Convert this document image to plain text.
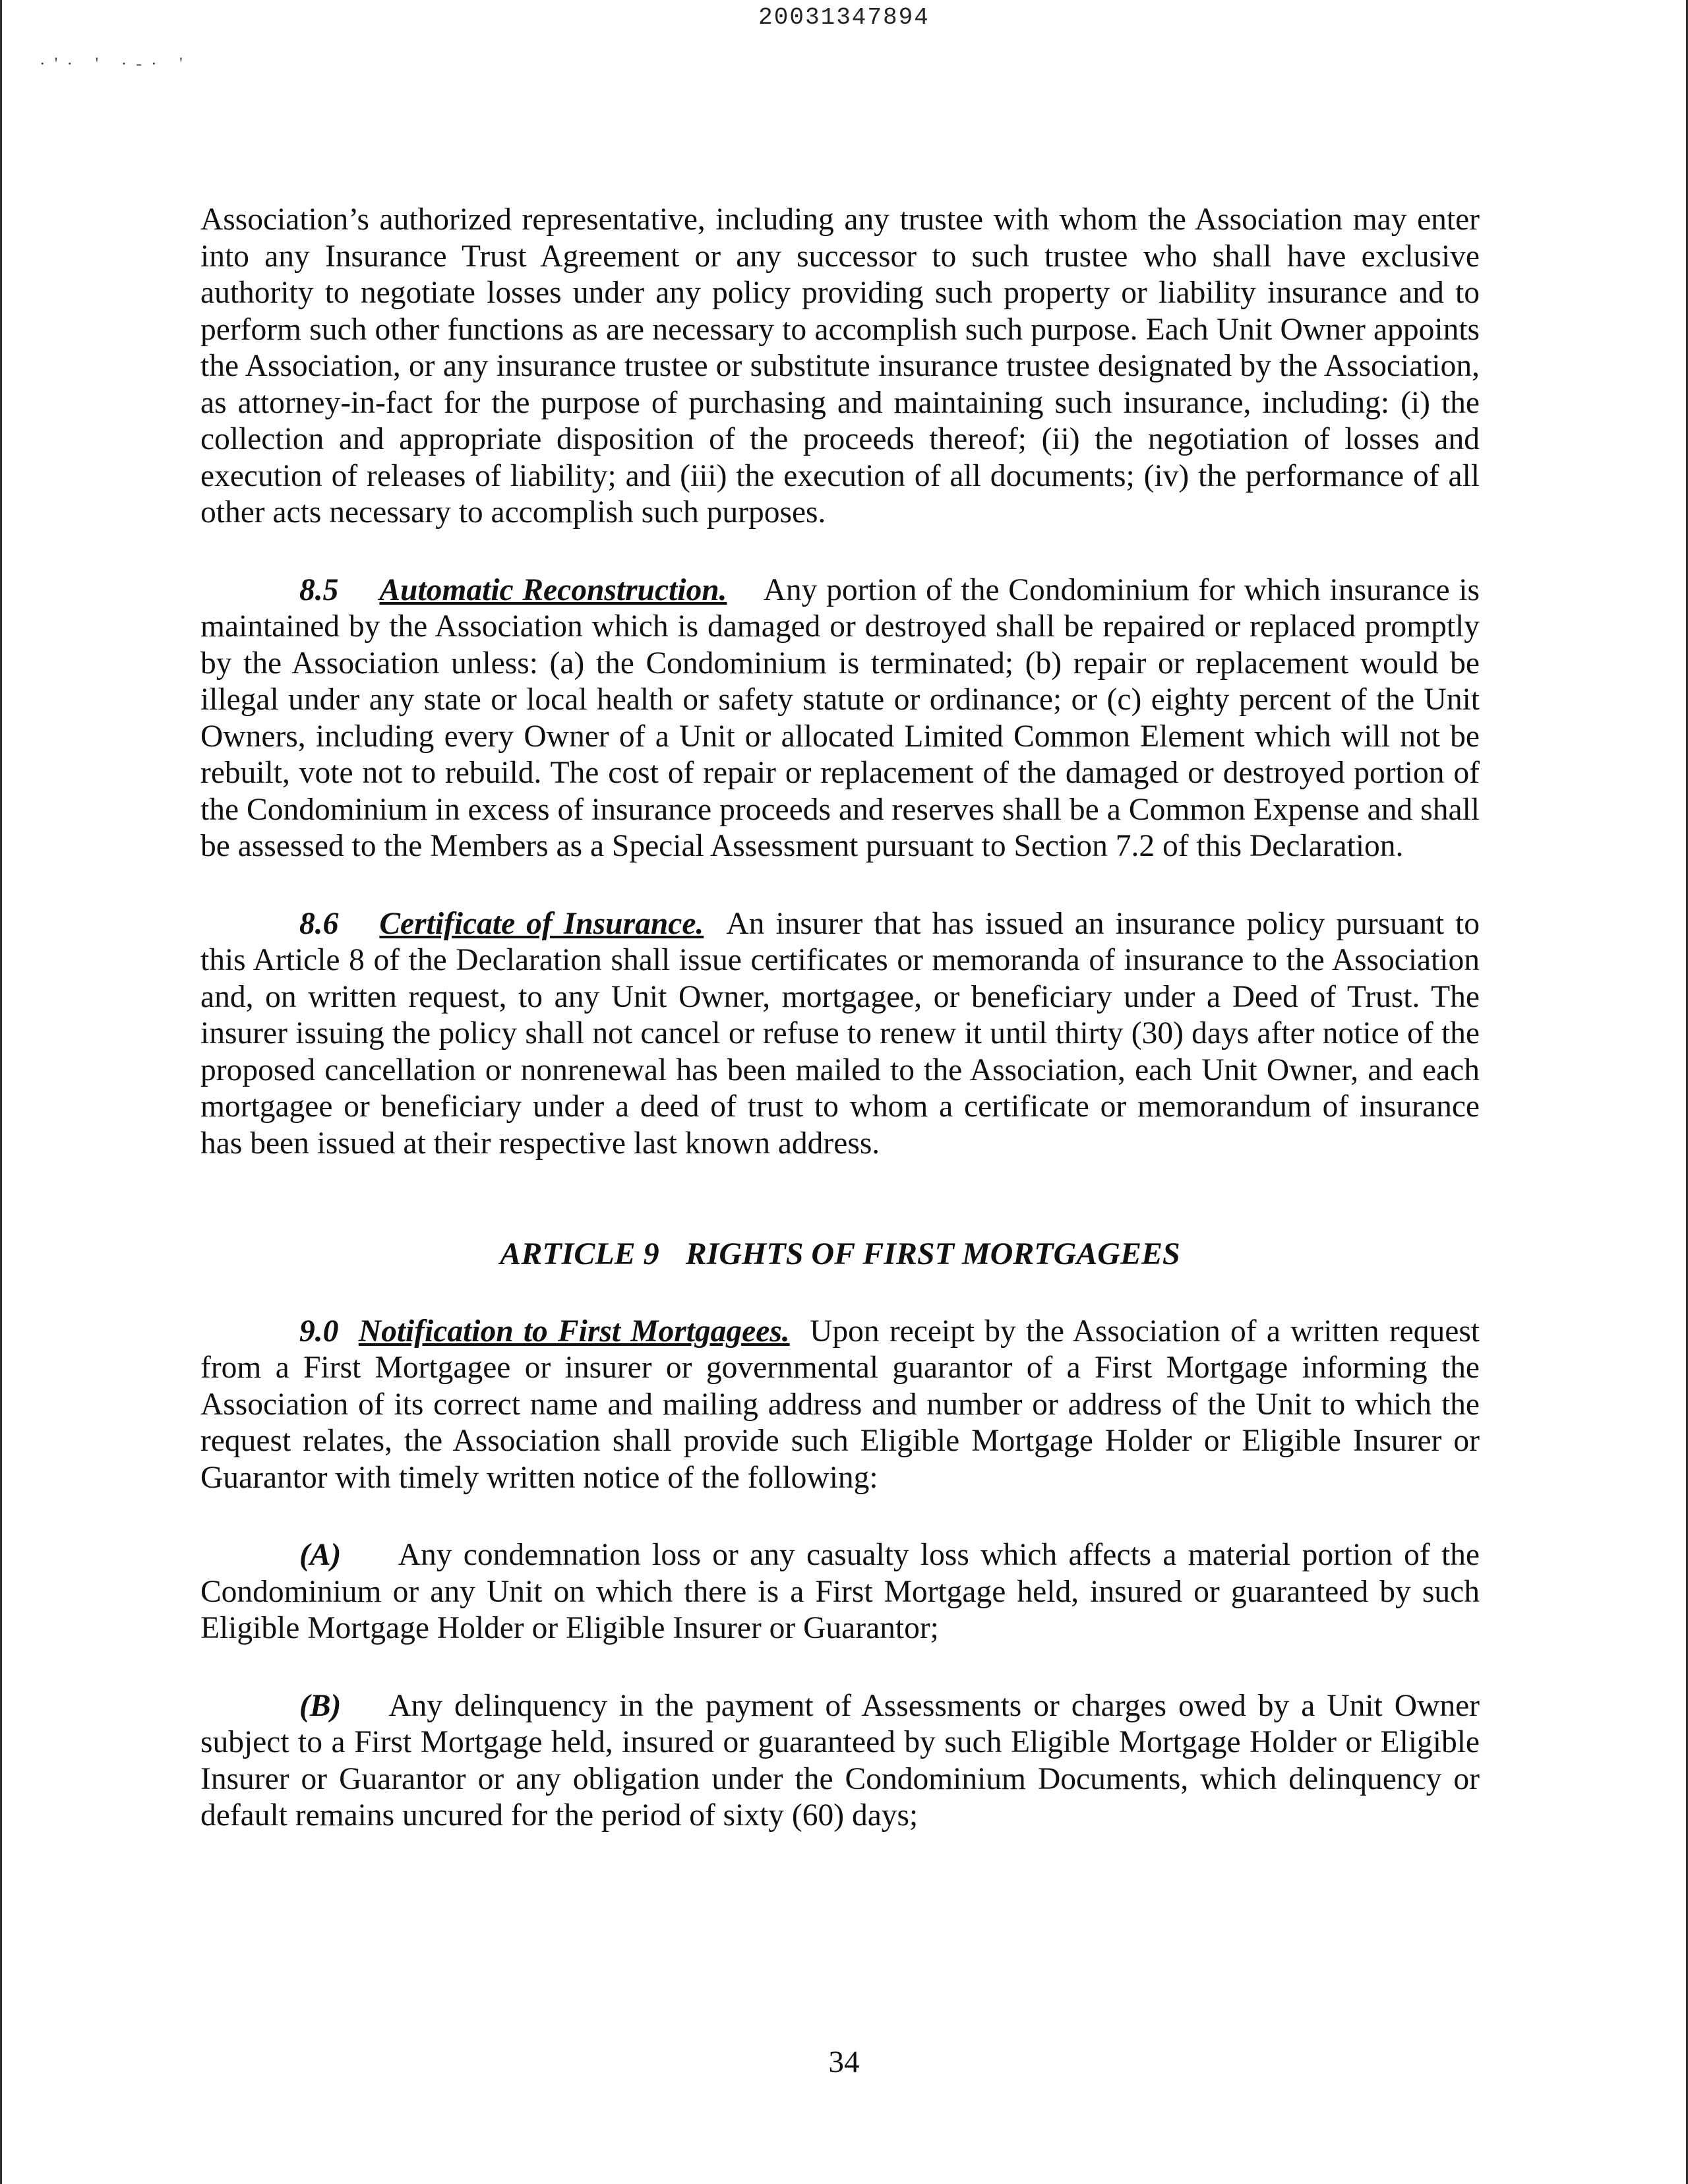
20031347894
·'· ' ·-· '

Association’s authorized representative, including any trustee with whom the Association may enter into any Insurance Trust Agreement or any successor to such trustee who shall have exclusive authority to negotiate losses under any policy providing such property or liability insurance and to perform such other functions as are necessary to accomplish such purpose. Each Unit Owner appoints the Association, or any insurance trustee or substitute insurance trustee designated by the Association, as attorney-in-fact for the purpose of purchasing and maintaining such insurance, including: (i) the collection and appropriate disposition of the proceeds thereof; (ii) the negotiation of losses and execution of releases of liability; and (iii) the execution of all documents; (iv) the performance of all other acts necessary to accomplish such purposes.

8.5 Automatic Reconstruction. Any portion of the Condominium for which insurance is maintained by the Association which is damaged or destroyed shall be repaired or replaced promptly by the Association unless: (a) the Condominium is terminated; (b) repair or replacement would be illegal under any state or local health or safety statute or ordinance; or (c) eighty percent of the Unit Owners, including every Owner of a Unit or allocated Limited Common Element which will not be rebuilt, vote not to rebuild. The cost of repair or replacement of the damaged or destroyed portion of the Condominium in excess of insurance proceeds and reserves shall be a Common Expense and shall be assessed to the Members as a Special Assessment pursuant to Section 7.2 of this Declaration.

8.6 Certificate of Insurance. An insurer that has issued an insurance policy pursuant to this Article 8 of the Declaration shall issue certificates or memoranda of insurance to the Association and, on written request, to any Unit Owner, mortgagee, or beneficiary under a Deed of Trust. The insurer issuing the policy shall not cancel or refuse to renew it until thirty (30) days after notice of the proposed cancellation or nonrenewal has been mailed to the Association, each Unit Owner, and each mortgagee or beneficiary under a deed of trust to whom a certificate or memorandum of insurance has been issued at their respective last known address.

ARTICLE 9 RIGHTS OF FIRST MORTGAGEES

9.0 Notification to First Mortgagees. Upon receipt by the Association of a written request from a First Mortgagee or insurer or governmental guarantor of a First Mortgage informing the Association of its correct name and mailing address and number or address of the Unit to which the request relates, the Association shall provide such Eligible Mortgage Holder or Eligible Insurer or Guarantor with timely written notice of the following:

(A) Any condemnation loss or any casualty loss which affects a material portion of the Condominium or any Unit on which there is a First Mortgage held, insured or guaranteed by such Eligible Mortgage Holder or Eligible Insurer or Guarantor;

(B) Any delinquency in the payment of Assessments or charges owed by a Unit Owner subject to a First Mortgage held, insured or guaranteed by such Eligible Mortgage Holder or Eligible Insurer or Guarantor or any obligation under the Condominium Documents, which delinquency or default remains uncured for the period of sixty (60) days;

34
